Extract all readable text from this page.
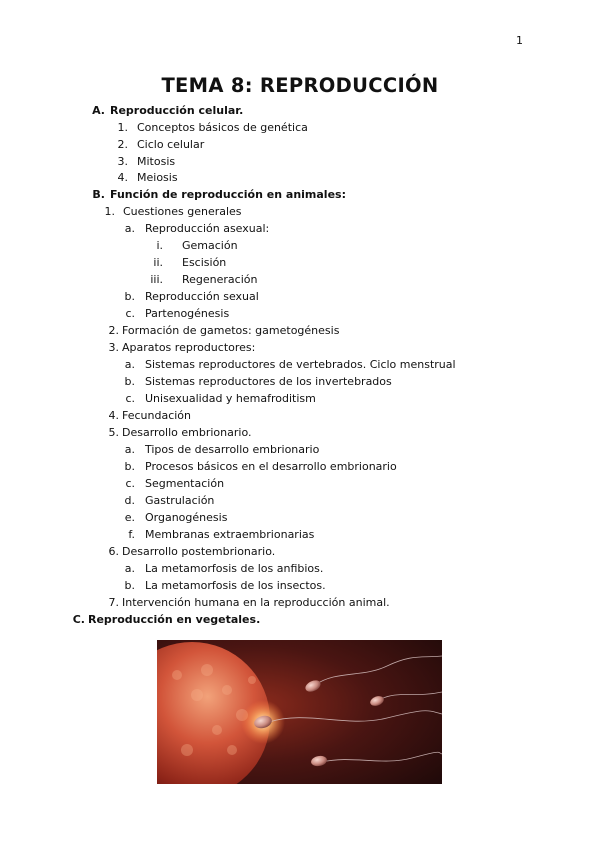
1
TEMA 8: REPRODUCCIÓN
A. Reproducción celular.
1. Conceptos básicos de genética
2. Ciclo celular
3. Mitosis
4. Meiosis
B. Función de reproducción en animales:
1. Cuestiones generales
a. Reproducción asexual:
i. Gemación
ii. Escisión
iii. Regeneración
b. Reproducción sexual
c. Partenogénesis
2. Formación de gametos: gametogénesis
3. Aparatos reproductores:
a. Sistemas reproductores de vertebrados. Ciclo menstrual
b. Sistemas reproductores de los invertebrados
c. Unisexualidad y hemafroditism
4. Fecundación
5. Desarrollo embrionario.
a. Tipos de desarrollo embrionario
b. Procesos básicos en el desarrollo embrionario
c. Segmentación
d. Gastrulación
e. Organogénesis
f. Membranas extraembrionarias
6. Desarrollo postembrionario.
a. La metamorfosis de los anfibios.
b. La metamorfosis de los insectos.
7. Intervención humana en la reproducción animal.
C. Reproducción en vegetales.
